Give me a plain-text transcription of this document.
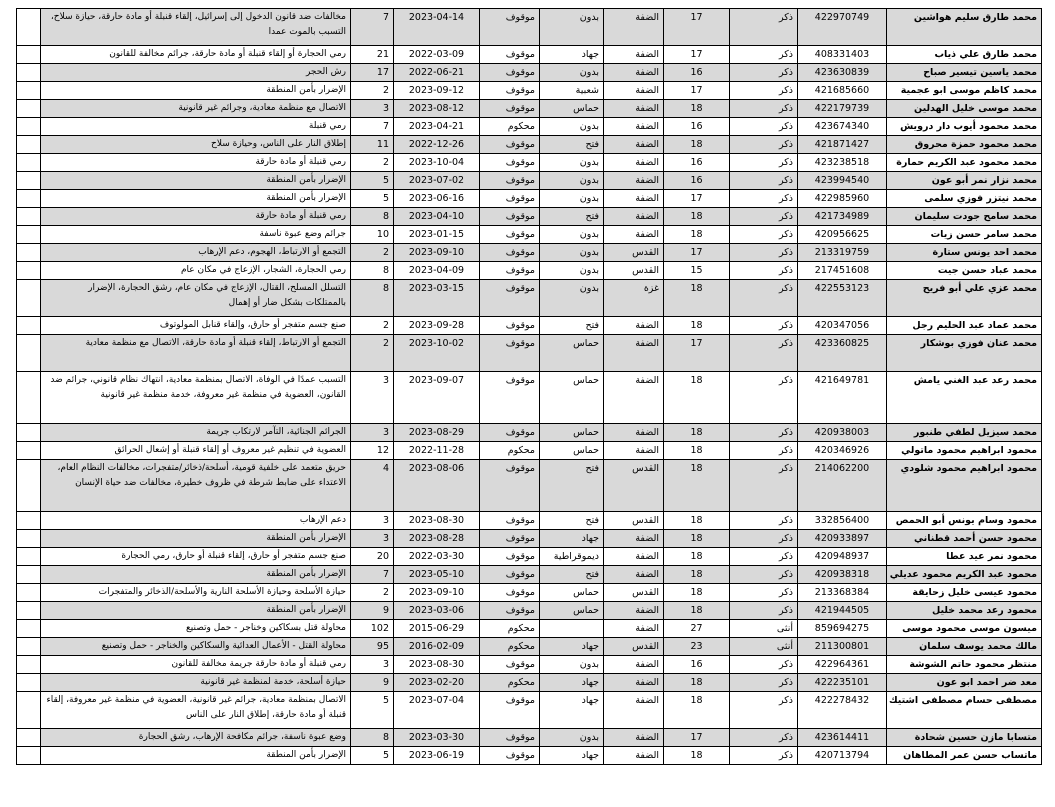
محمد طارق سليم هواشين	422970749	ذكر	17	الضفة	بدون	موقوف	2023-04-14	7	مخالفات ضد قانون الدخول إلى إسرائيل، إلقاء قنبلة أو مادة حارقة، حيازة سلاح، التسبب بالموت عمدا	
محمد طارق علي ذياب	408331403	ذكر	17	الضفة	جهاد	موقوف	2022-03-09	21	رمي الحجارة أو إلقاء قنبلة أو مادة حارقة، جرائم مخالفة للقانون	
محمد ياسين تيسير صباح	423630839	ذكر	16	الضفة	بدون	موقوف	2022-06-21	17	رش الحجر	
محمد كاظم موسى ابو عجمية	421685660	ذكر	17	الضفة	شعبية	موقوف	2023-09-12	2	الإضرار بأمن المنطقة	
محمد موسى خليل الهدلين	422179739	ذكر	18	الضفة	حماس	موقوف	2023-08-12	3	الاتصال مع منظمة معادية، وجرائم غير قانونية	
محمد محمود أيوب دار درويش	423674340	ذكر	16	الضفة	بدون	محكوم	2023-04-21	7	رمي قنبلة	
محمد محمود حمزة محروق	421871427	ذكر	18	الضفة	فتح	موقوف	2022-12-26	11	إطلاق النار على الناس، وحيازة سلاح	
محمد محمود عبد الكريم حمارة	423238518	ذكر	16	الضفة	بدون	موقوف	2023-10-04	2	رمي قنبلة أو مادة حارقة	
محمد نزار نمر أبو عون	423994540	ذكر	16	الضفة	بدون	موقوف	2023-07-02	5	الإضرار بأمن المنطقة	
محمد نيتزر فوزي سلمى	422985960	ذكر	17	الضفة	بدون	موقوف	2023-06-16	5	الإضرار بأمن المنطقة	
محمد سامح جودت سليمان	421734989	ذكر	18	الضفة	فتح	موقوف	2023-04-10	8	رمي قنبلة أو مادة حارقة	
محمد سامر حسن زيات	420956625	ذكر	18	الضفة	بدون	موقوف	2023-01-15	10	جرائم وضع عبوة ناسفة	
محمد احد يونس ستارة	213319759	ذكر	17	القدس	بدون	موقوف	2023-09-10	2	التجمع أو الارتباط، الهجوم، دعم الإرهاب	
محمد عباد حسن جيت	217451608	ذكر	15	القدس	بدون	موقوف	2023-04-09	8	رمي الحجارة، الشجار، الإزعاج في مكان عام	
محمد عزي علي أبو فريح	422553123	ذكر	18	غزة	بدون	موقوف	2023-03-15	8	التسلل المسلح، القتال، الإزعاج في مكان عام، رشق الحجارة، الإضرار بالممتلكات بشكل ضار أو إهمال	
محمد عماد عبد الحليم رجل	420347056	ذكر	18	الضفة	فتح	موقوف	2023-09-28	2	صنع جسم متفجر أو حارق، وإلقاء قنابل المولوتوف	
محمد عنان فوزي بوشكار	423360825	ذكر	17	الضفة	حماس	موقوف	2023-10-02	2	التجمع أو الارتباط، إلقاء قنبلة أو مادة حارقة، الاتصال مع منظمة معادية	
محمد رعد عبد الغني يامش	421649781	ذكر	18	الضفة	حماس	موقوف	2023-09-07	3	التسبب عمدًا في الوفاة، الاتصال بمنظمة معادية، انتهاك نظام قانوني، جرائم ضد القانون، العضوية في منظمة غير معروفة، خدمة منظمة غير قانونية	
محمد سيزيل لطفي طنبور	420938003	ذكر	18	الضفة	حماس	موقوف	2023-08-29	3	الجرائم الجنائية، التآمر لارتكاب جريمة	
محمود ابراهيم محمود ماتولي	420346926	ذكر	18	الضفة	حماس	محكوم	2022-11-28	12	العضوية في تنظيم غير معروف أو إلقاء قنبلة أو إشعال الحرائق	
محمود ابراهيم محمود شلودي	214062200	ذكر	18	القدس	فتح	موقوف	2023-08-06	4	حريق متعمد على خلفية قومية، أسلحة/ذخائر/متفجرات، مخالفات النظام العام، الاعتداء على ضابط شرطة في ظروف خطيرة، مخالفات ضد حياة الإنسان	
محمود وسام يونس أبو الحمص	332856400	ذكر	18	القدس	فتح	موقوف	2023-08-30	3	دعم الإرهاب	
محمود حسن أحمد قطناني	420933897	ذكر	18	الضفة	جهاد	موقوف	2023-08-28	3	الإضرار بأمن المنطقة	
محمود نمر عيد عطا	420948937	ذكر	18	الضفة	ديموقراطية	موقوف	2022-03-30	20	صنع جسم متفجر أو حارق، إلقاء قنبلة أو حارق، رمي الحجارة	
محمود عبد الكريم محمود عديلي	420938318	ذكر	18	الضفة	فتح	موقوف	2023-05-10	7	الإضرار بأمن المنطقة	
محمود عيسى خليل زحايقة	213368384	ذكر	18	القدس	حماس	موقوف	2023-09-10	2	حيازة الأسلحة وحيازة الأسلحة النارية والأسلحة/الذخائر والمتفجرات	
محمود رعد محمد خليل	421944505	ذكر	18	الضفة	حماس	موقوف	2023-03-06	9	الإضرار بأمن المنطقة	
ميسون موسى محمود موسى	859694275	أنثى	27	الضفة		محكوم	2015-06-29	102	محاولة قتل بسكاكين وخناجر - حمل وتصنيع	
مالك محمد يوسف سلمان	211300801	أنثى	23	القدس	جهاد	محكوم	2016-02-09	95	محاولة القتل - الأعمال العدائية والسكاكين والخناجر - حمل وتصنيع	
منتظر محمود حاتم الشوشة	422964361	ذكر	16	الضفة	بدون	موقوف	2023-08-30	3	رمي قنبلة أو مادة حارقة جريمة مخالفة للقانون	
معد ضر احمد ابو عون	422235101	ذكر	18	الضفة	جهاد	محكوم	2023-02-20	9	حيازة أسلحة، خدمة لمنظمة غير قانونية	
مصطفى حسام مصطفى اشتيك	422278432	ذكر	18	الضفة	جهاد	موقوف	2023-07-04	5	الاتصال بمنظمة معادية، جرائم غير قانونية، العضوية في منظمة غير معروفة، إلقاء قنبلة أو مادة حارقة، إطلاق النار على الناس	
متسابا مازن حسين شحادة	423614411	ذكر	17	الضفة	بدون	موقوف	2023-03-30	8	وضع عبوة ناسفة، جرائم مكافحة الإرهاب، رشق الحجارة	
ماتساب حسن عمر المطاهان	420713794	ذكر	18	الضفة	جهاد	موقوف	2023-06-19	5	الإضرار بأمن المنطقة	
